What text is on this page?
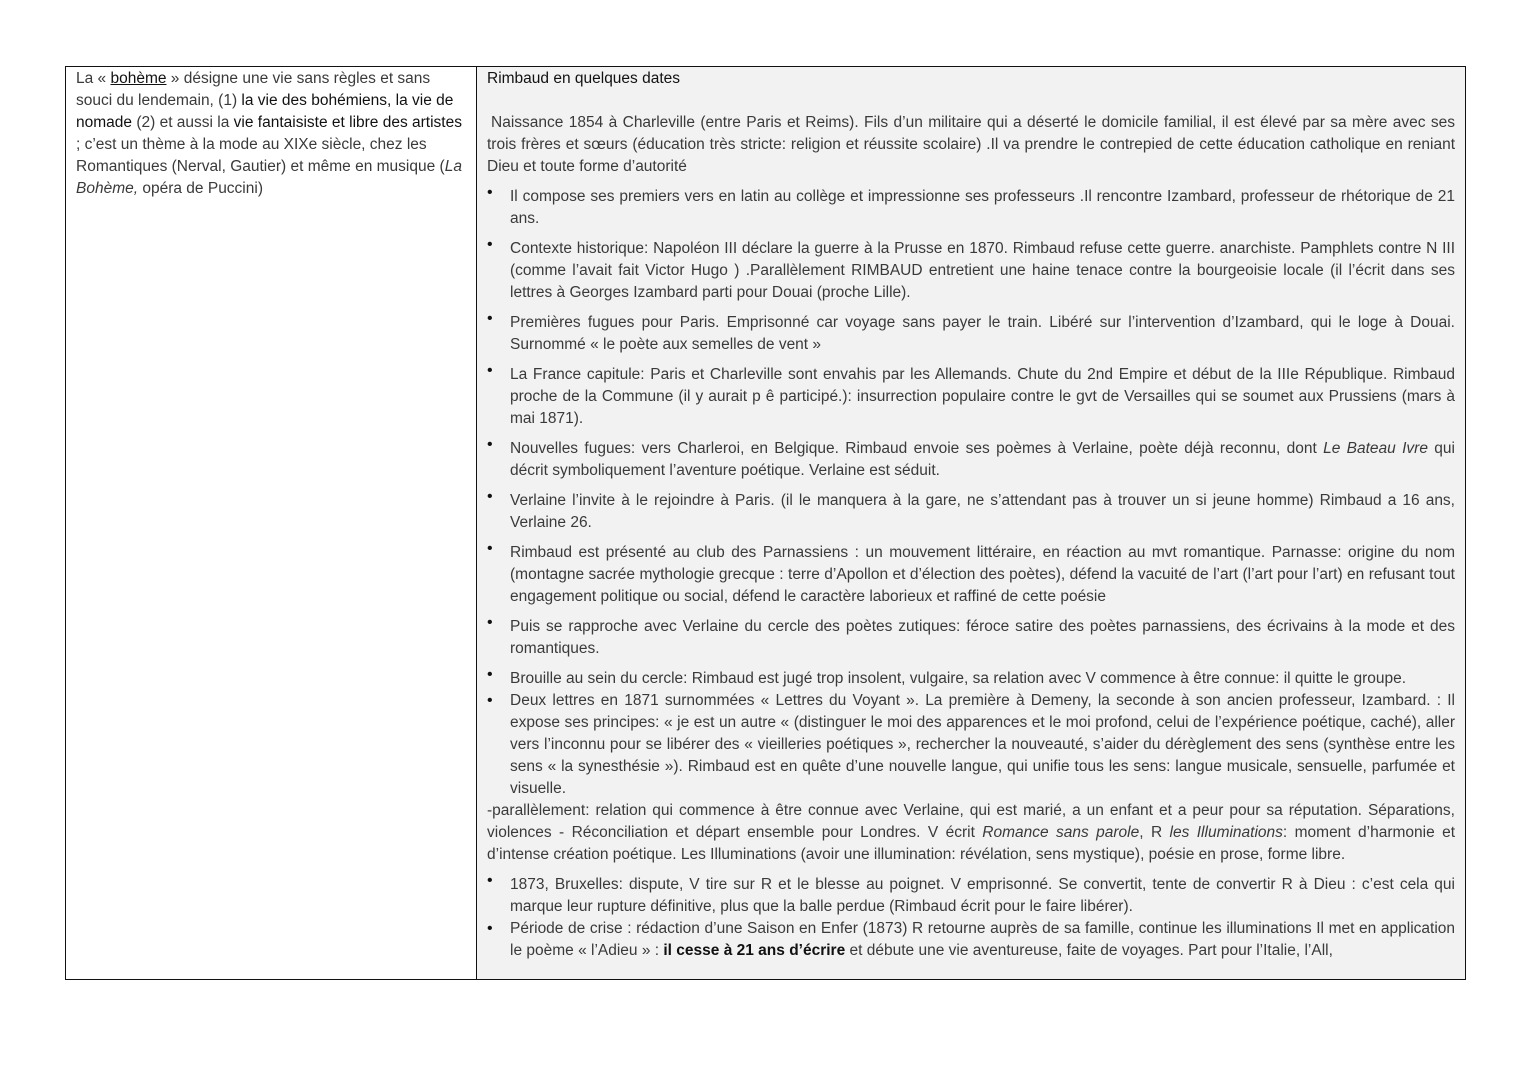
La « bohème » désigne une vie sans règles et sans souci du lendemain, (1) la vie des bohémiens, la vie de nomade (2) et aussi la vie fantaisiste et libre des artistes ; c’est un thème à la mode au XIXe siècle, chez les Romantiques (Nerval, Gautier) et même en musique (La Bohème, opéra de Puccini)

Rimbaud en quelques dates

Naissance 1854 à Charleville (entre Paris et Reims). Fils d’un militaire qui a déserté le domicile familial, il est élevé par sa mère avec ses trois frères et sœurs (éducation très stricte: religion et réussite scolaire) .Il va prendre le contrepied de cette éducation catholique en reniant Dieu et toute forme d’autorité

• Il compose ses premiers vers en latin au collège et impressionne ses professeurs .Il rencontre Izambard, professeur de rhétorique de 21 ans.
• Contexte historique: Napoléon III déclare la guerre à la Prusse en 1870. Rimbaud refuse cette guerre. anarchiste. Pamphlets contre N III (comme l’avait fait Victor Hugo ) .Parallèlement RIMBAUD entretient une haine tenace contre la bourgeoisie locale (il l’écrit dans ses lettres à Georges Izambard parti pour Douai (proche Lille).
• Premières fugues pour Paris. Emprisonné car voyage sans payer le train. Libéré sur l’intervention d’Izambard, qui le loge à Douai. Surnommé « le poète aux semelles de vent »
• La France capitule: Paris et Charleville sont envahis par les Allemands. Chute du 2nd Empire et début de la IIIe République. Rimbaud proche de la Commune (il y aurait p ê participé.): insurrection populaire contre le gvt de Versailles qui se soumet aux Prussiens (mars à mai 1871).
• Nouvelles fugues: vers Charleroi, en Belgique. Rimbaud envoie ses poèmes à Verlaine, poète déjà reconnu, dont Le Bateau Ivre qui décrit symboliquement l’aventure poétique. Verlaine est séduit.
• Verlaine l’invite à le rejoindre à Paris. (il le manquera à la gare, ne s’attendant pas à trouver un si jeune homme) Rimbaud a 16 ans, Verlaine 26.
• Rimbaud est présenté au club des Parnassiens : un mouvement littéraire, en réaction au mvt romantique. Parnasse: origine du nom (montagne sacrée mythologie grecque : terre d’Apollon et d’élection des poètes), défend la vacuité de l’art (l’art pour l’art) en refusant tout engagement politique ou social, défend le caractère laborieux et raffiné de cette poésie
• Puis se rapproche avec Verlaine du cercle des poètes zutiques: féroce satire des poètes parnassiens, des écrivains à la mode et des romantiques.
• Brouille au sein du cercle: Rimbaud est jugé trop insolent, vulgaire, sa relation avec V commence à être connue: il quitte le groupe.
• Deux lettres en 1871 surnommées « Lettres du Voyant ». La première à Demeny, la seconde à son ancien professeur, Izambard. : Il expose ses principes: « je est un autre « (distinguer le moi des apparences et le moi profond, celui de l’expérience poétique, caché), aller vers l’inconnu pour se libérer des « vieilleries poétiques », rechercher la nouveauté, s’aider du dérèglement des sens (synthèse entre les sens « la synesthésie »). Rimbaud est en quête d’une nouvelle langue, qui unifie tous les sens: langue musicale, sensuelle, parfumée et visuelle.

-parallèlement: relation qui commence à être connue avec Verlaine, qui est marié, a un enfant et a peur pour sa réputation. Séparations, violences - Réconciliation et départ ensemble pour Londres. V écrit Romance sans parole, R les Illuminations: moment d’harmonie et d’intense création poétique. Les Illuminations (avoir une illumination: révélation, sens mystique), poésie en prose, forme libre.

• 1873, Bruxelles: dispute, V tire sur R et le blesse au poignet. V emprisonné. Se convertit, tente de convertir R à Dieu : c’est cela qui marque leur rupture définitive, plus que la balle perdue (Rimbaud écrit pour le faire libérer).
• Période de crise : rédaction d’une Saison en Enfer (1873) R retourne auprès de sa famille, continue les illuminations Il met en application le poème « l’Adieu » : il cesse à 21 ans d’écrire et débute une vie aventureuse, faite de voyages. Part pour l’Italie, l’All,
